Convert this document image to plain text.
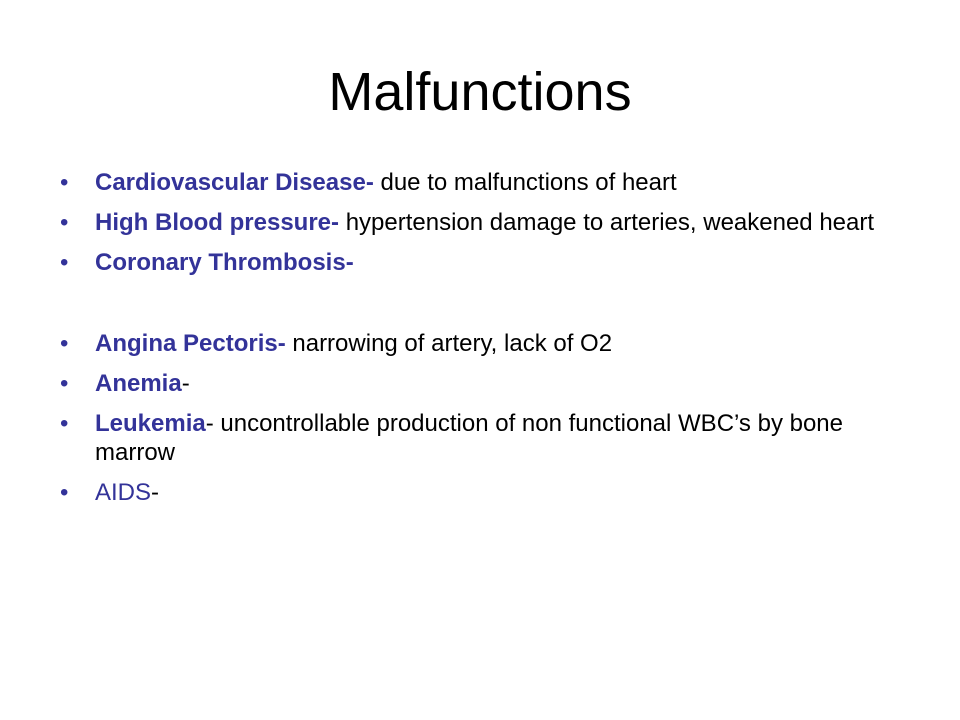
Malfunctions
• Cardiovascular Disease- due to malfunctions of heart
• High Blood pressure- hypertension damage to arteries, weakened heart
• Coronary Thrombosis-
• Angina Pectoris- narrowing of artery, lack of O2
• Anemia-
• Leukemia- uncontrollable production of non functional WBC’s by bone marrow
• AIDS-
